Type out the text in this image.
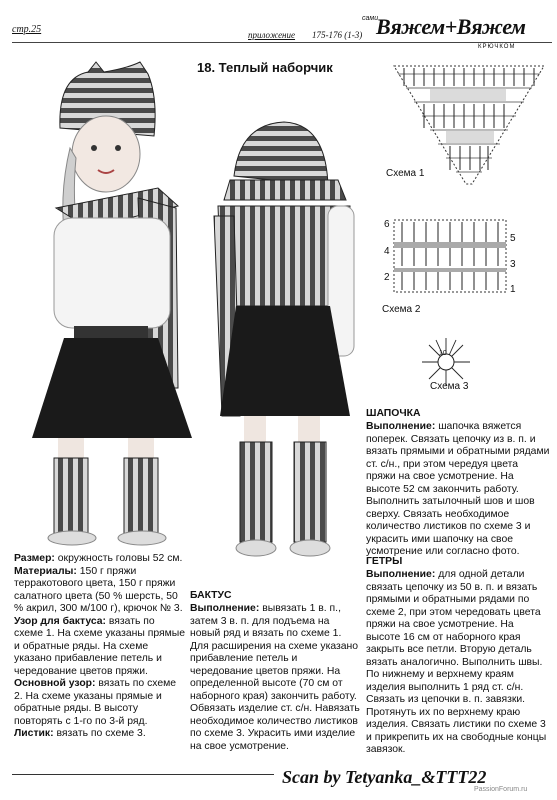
стр.25	приложение 175-176 (1-3)
сами
Вяжем+Вяжем
КРЮЧКОМ
18. Теплый наборчик
Схема 1
6
4
2
5
3
1
Схема 2
10
Схема 3
ШАПОЧКА
Выполнение: шапочка вяжется поперек. Связать цепочку из в. п. и вязать прямыми и обратными рядами ст. с/н., при этом чередуя цвета пряжи на свое усмотрение. На высоте 52 см закончить работу. Выполнить затылочный шов и шов сверху. Связать необходимое количество листиков по схеме 3 и украсить ими шапочку на свое усмотрение или согласно фото.
ГЕТРЫ
Выполнение: для одной детали связать цепочку из 50 в. п. и вязать прямыми и обратными рядами по схеме 2, при этом чередовать цвета пряжи на свое усмотрение. На высоте 16 см от наборного края закрыть все петли. Вторую деталь вязать аналогично. Выполнить швы. По нижнему и верхнему краям изделия выполнить 1 ряд ст. с/н. Связать из цепочки в. п. завязки. Протянуть их по верхнему краю изделия. Связать листики по схеме 3 и прикрепить их на свободные концы завязок.
Размер: окружность головы 52 см.
Материалы: 150 г пряжи терракотового цвета, 150 г пряжи салатного цвета (50 % шерсть, 50 % акрил, 300 м/100 г), крючок № 3.
Узор для бактуса: вязать по схеме 1. На схеме указаны прямые и обратные ряды. На схеме указано прибавление петель и чередование цветов пряжи.
Основной узор: вязать по схеме 2. На схеме указаны прямые и обратные ряды. В высоту повторять с 1-го по 3-й ряд.
Листик: вязать по схеме 3.
БАКТУС
Выполнение: вывязать 1 в. п., затем 3 в. п. для подъема на новый ряд и вязать по схеме 1. Для расширения на схеме указано прибавление петель и чередование цветов пряжи. На определенной высоте (70 см от наборного края) закончить работу. Обвязать изделие ст. с/н. Навязать необходимое количество листиков по схеме 3. Украсить ими изделие на свое усмотрение.
Scan by Tetyanka_&TTT22
PassionForum.ru
